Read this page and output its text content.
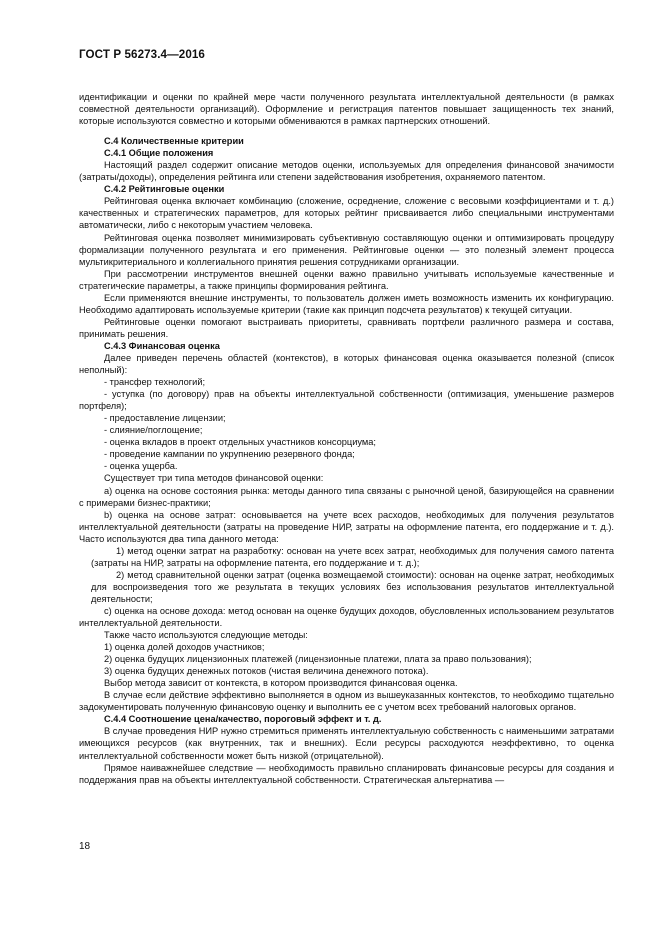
ГОСТ Р 56273.4—2016

идентификации и оценки по крайней мере части полученного результата интеллектуальной деятельности (в рамках совместной деятельности организаций). Оформление и регистрация патентов повышает защищенность тех знаний, которые используются совместно и которыми обмениваются в рамках партнерских отношений.

С.4 Количественные критерии

С.4.1 Общие положения

Настоящий раздел содержит описание методов оценки, используемых для определения финансовой значимости (затраты/доходы), определения рейтинга или степени задействования изобретения, охраняемого патентом.

С.4.2 Рейтинговые оценки

Рейтинговая оценка включает комбинацию (сложение, осреднение, сложение с весовыми коэффициентами и т. д.) качественных и стратегических параметров, для которых рейтинг присваивается либо специальными инструментами автоматически, либо с некоторым участием человека.

Рейтинговая оценка позволяет минимизировать субъективную составляющую оценки и оптимизировать процедуру формализации полученного результата и его применения. Рейтинговые оценки — это полезный элемент процесса мультикритериального и коллегиального принятия решения сотрудниками организации.

При рассмотрении инструментов внешней оценки важно правильно учитывать используемые качественные и стратегические параметры, а также принципы формирования рейтинга.

Если применяются внешние инструменты, то пользователь должен иметь возможность изменить их конфигурацию. Необходимо адаптировать используемые критерии (такие как принцип подсчета результатов) к текущей ситуации.

Рейтинговые оценки помогают выстраивать приоритеты, сравнивать портфели различного размера и состава, принимать решения.

С.4.3 Финансовая оценка

Далее приведен перечень областей (контекстов), в которых финансовая оценка оказывается полезной (список неполный):

- трансфер технологий;

- уступка (по договору) прав на объекты интеллектуальной собственности (оптимизация, уменьшение размеров портфеля);

- предоставление лицензии;

- слияние/поглощение;

- оценка вкладов в проект отдельных участников консорциума;

- проведение кампании по укрупнению резервного фонда;

- оценка ущерба.

Существует три типа методов финансовой оценки:

a) оценка на основе состояния рынка: методы данного типа связаны с рыночной ценой, базирующейся на сравнении с примерами бизнес-практики;

b) оценка на основе затрат: основывается на учете всех расходов, необходимых для получения результатов интеллектуальной деятельности (затраты на проведение НИР, затраты на оформление патента, его поддержание и т. д.). Часто используются два типа данного метода:

1) метод оценки затрат на разработку: основан на учете всех затрат, необходимых для получения самого патента (затраты на НИР, затраты на оформление патента, его поддержание и т. д.);

2) метод сравнительной оценки затрат (оценка возмещаемой стоимости): основан на оценке затрат, необходимых для воспроизведения того же результата в текущих условиях без использования результатов интеллектуальной деятельности;

c) оценка на основе дохода: метод основан на оценке будущих доходов, обусловленных использованием результатов интеллектуальной деятельности.

Также часто используются следующие методы:

1) оценка долей доходов участников;

2) оценка будущих лицензионных платежей (лицензионные платежи, плата за право пользования);

3) оценка будущих денежных потоков (чистая величина денежного потока).

Выбор метода зависит от контекста, в котором производится финансовая оценка.

В случае если действие эффективно выполняется в одном из вышеуказанных контекстов, то необходимо тщательно задокументировать полученную финансовую оценку и выполнить ее с учетом всех требований налоговых органов.

С.4.4 Соотношение цена/качество, пороговый эффект и т. д.

В случае проведения НИР нужно стремиться применять интеллектуальную собственность с наименьшими затратами имеющихся ресурсов (как внутренних, так и внешних). Если ресурсы расходуются неэффективно, то оценка интеллектуальной собственности может быть низкой (отрицательной).

Прямое наиважнейшее следствие — необходимость правильно спланировать финансовые ресурсы для создания и поддержания прав на объекты интеллектуальной собственности. Стратегическая альтернатива —

18
